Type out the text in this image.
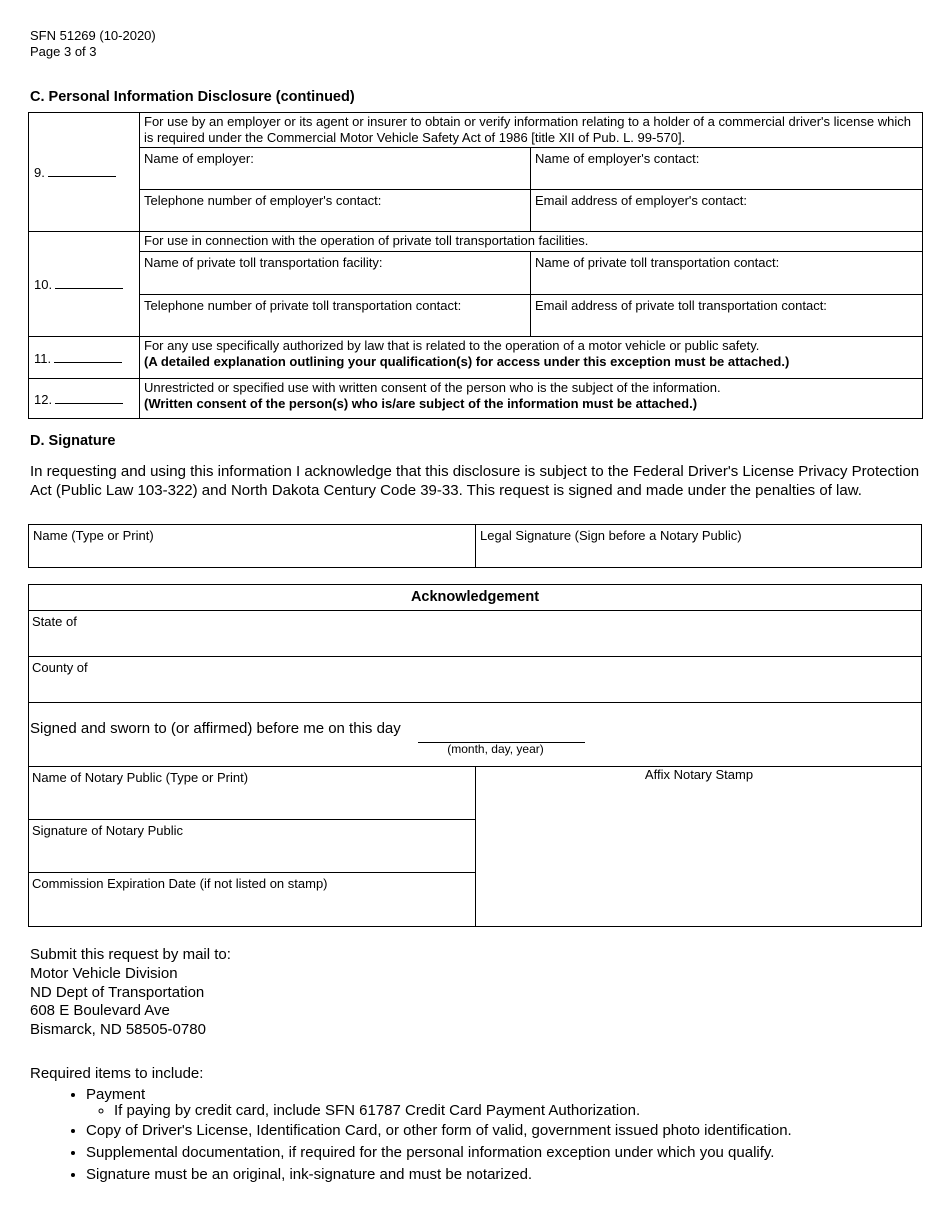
SFN 51269 (10-2020)
Page 3 of 3
C. Personal Information Disclosure (continued)
9.	For use by an employer or its agent or insurer to obtain or verify information relating to a holder of a commercial driver's license which is required under the Commercial Motor Vehicle Safety Act of 1986 [title XII of Pub. L. 99-570].	
	Name of employer:	Name of employer's contact:
	Telephone number of employer's contact:	Email address of employer's contact:
10.	For use in connection with the operation of private toll transportation facilities.	
	Name of private toll transportation facility:	Name of private toll transportation contact:
	Telephone number of private toll transportation contact:	Email address of private toll transportation contact:
11.	For any use specifically authorized by law that is related to the operation of a motor vehicle or public safety.
(A detailed explanation outlining your qualification(s) for access under this exception must be attached.)

12.	Unrestricted or specified use with written consent of the person who is the subject of the information.
(Written consent of the person(s) who is/are subject of the information must be attached.)
D. Signature
In requesting and using this information I acknowledge that this disclosure is subject to the Federal Driver's License Privacy Protection Act (Public Law 103-322) and North Dakota Century Code 39-33. This request is signed and made under the penalties of law.
Name (Type or Print)	Legal Signature (Sign before a Notary Public)
Acknowledgement
State of
County of
Signed and sworn to (or affirmed) before me on this day
(month, day, year)
Name of Notary Public (Type or Print)
Signature of Notary Public
Commission Expiration Date (if not listed on stamp)
Affix Notary Stamp
Submit this request by mail to:
Motor Vehicle Division
ND Dept of Transportation
608 E Boulevard Ave
Bismarck, ND 58505-0780
Required items to include:
• Payment
◦ If paying by credit card, include SFN 61787 Credit Card Payment Authorization.
• Copy of Driver's License, Identification Card, or other form of valid, government issued photo identification.
• Supplemental documentation, if required for the personal information exception under which you qualify.
• Signature must be an original, ink-signature and must be notarized.
